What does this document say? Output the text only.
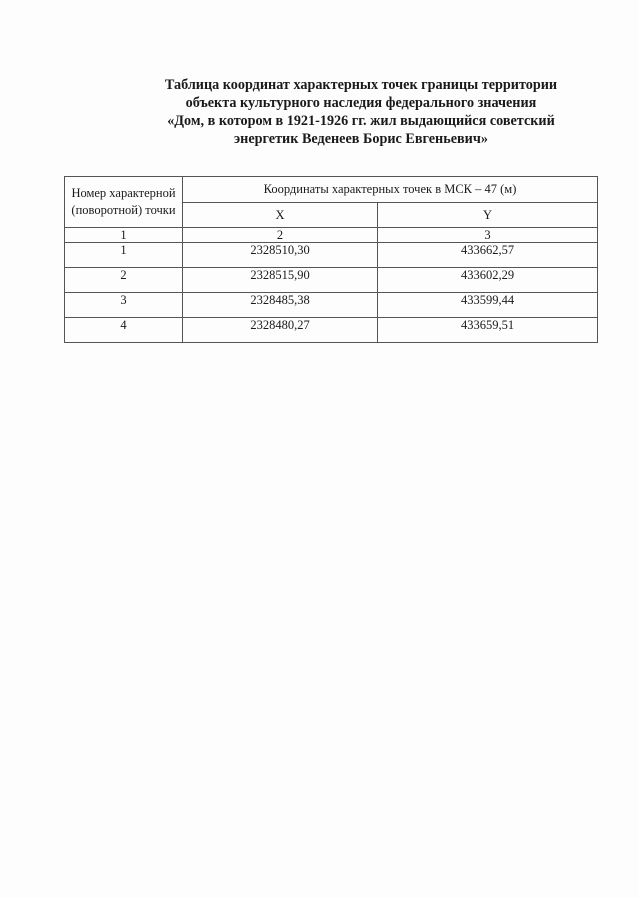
Таблица координат характерных точек границы территории
объекта культурного наследия федерального значения
«Дом, в котором в 1921-1926 гг. жил выдающийся советский
энергетик Веденеев Борис Евгеньевич»
Номер характерной
(поворотной) точки	Координаты характерных точек в МСК – 47 (м)	
	X	Y
1	2	3
1	2328510,30	433662,57
2	2328515,90	433602,29
3	2328485,38	433599,44
4	2328480,27	433659,51
